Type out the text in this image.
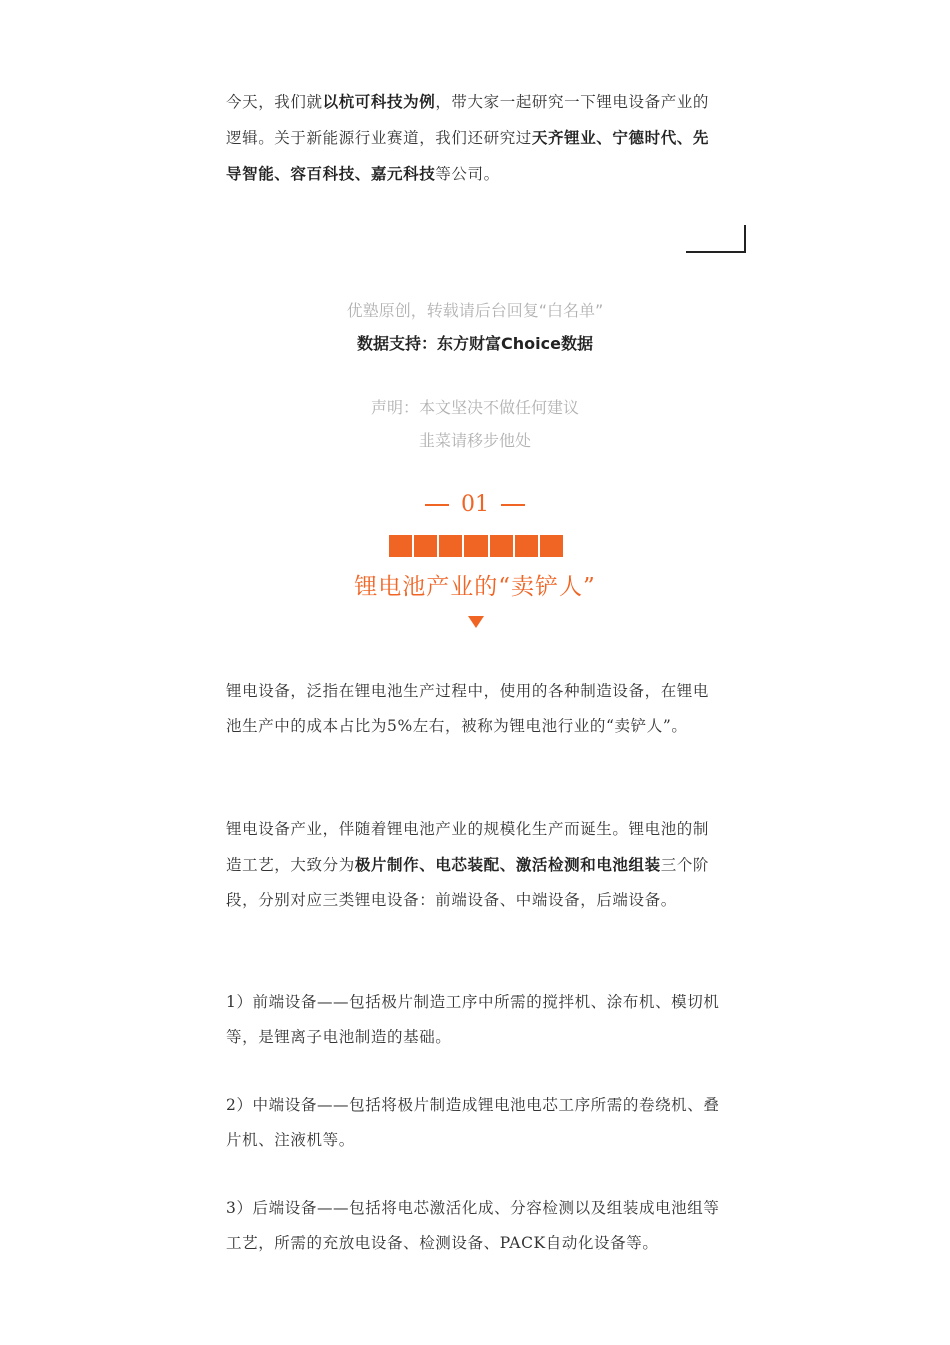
今天，我们就以杭可科技为例，带大家一起研究一下锂电设备产业的逻辑。关于新能源行业赛道，我们还研究过天齐锂业、宁德时代、先导智能、容百科技、嘉元科技等公司。

优塾原创，转载请后台回复“白名单”

数据支持：东方财富Choice数据

声明：本文坚决不做任何建议

韭菜请移步他处

01
锂电池产业的“卖铲人”

锂电设备，泛指在锂电池生产过程中，使用的各种制造设备，在锂电池生产中的成本占比为5%左右，被称为锂电池行业的“卖铲人”。

锂电设备产业，伴随着锂电池产业的规模化生产而诞生。锂电池的制造工艺，大致分为极片制作、电芯装配、激活检测和电池组装三个阶段，分别对应三类锂电设备：前端设备、中端设备，后端设备。

1）前端设备——包括极片制造工序中所需的搅拌机、涂布机、模切机等，是锂离子电池制造的基础。

2）中端设备——包括将极片制造成锂电池电芯工序所需的卷绕机、叠片机、注液机等。

3）后端设备——包括将电芯激活化成、分容检测以及组装成电池组等工艺，所需的充放电设备、检测设备、PACK自动化设备等。
